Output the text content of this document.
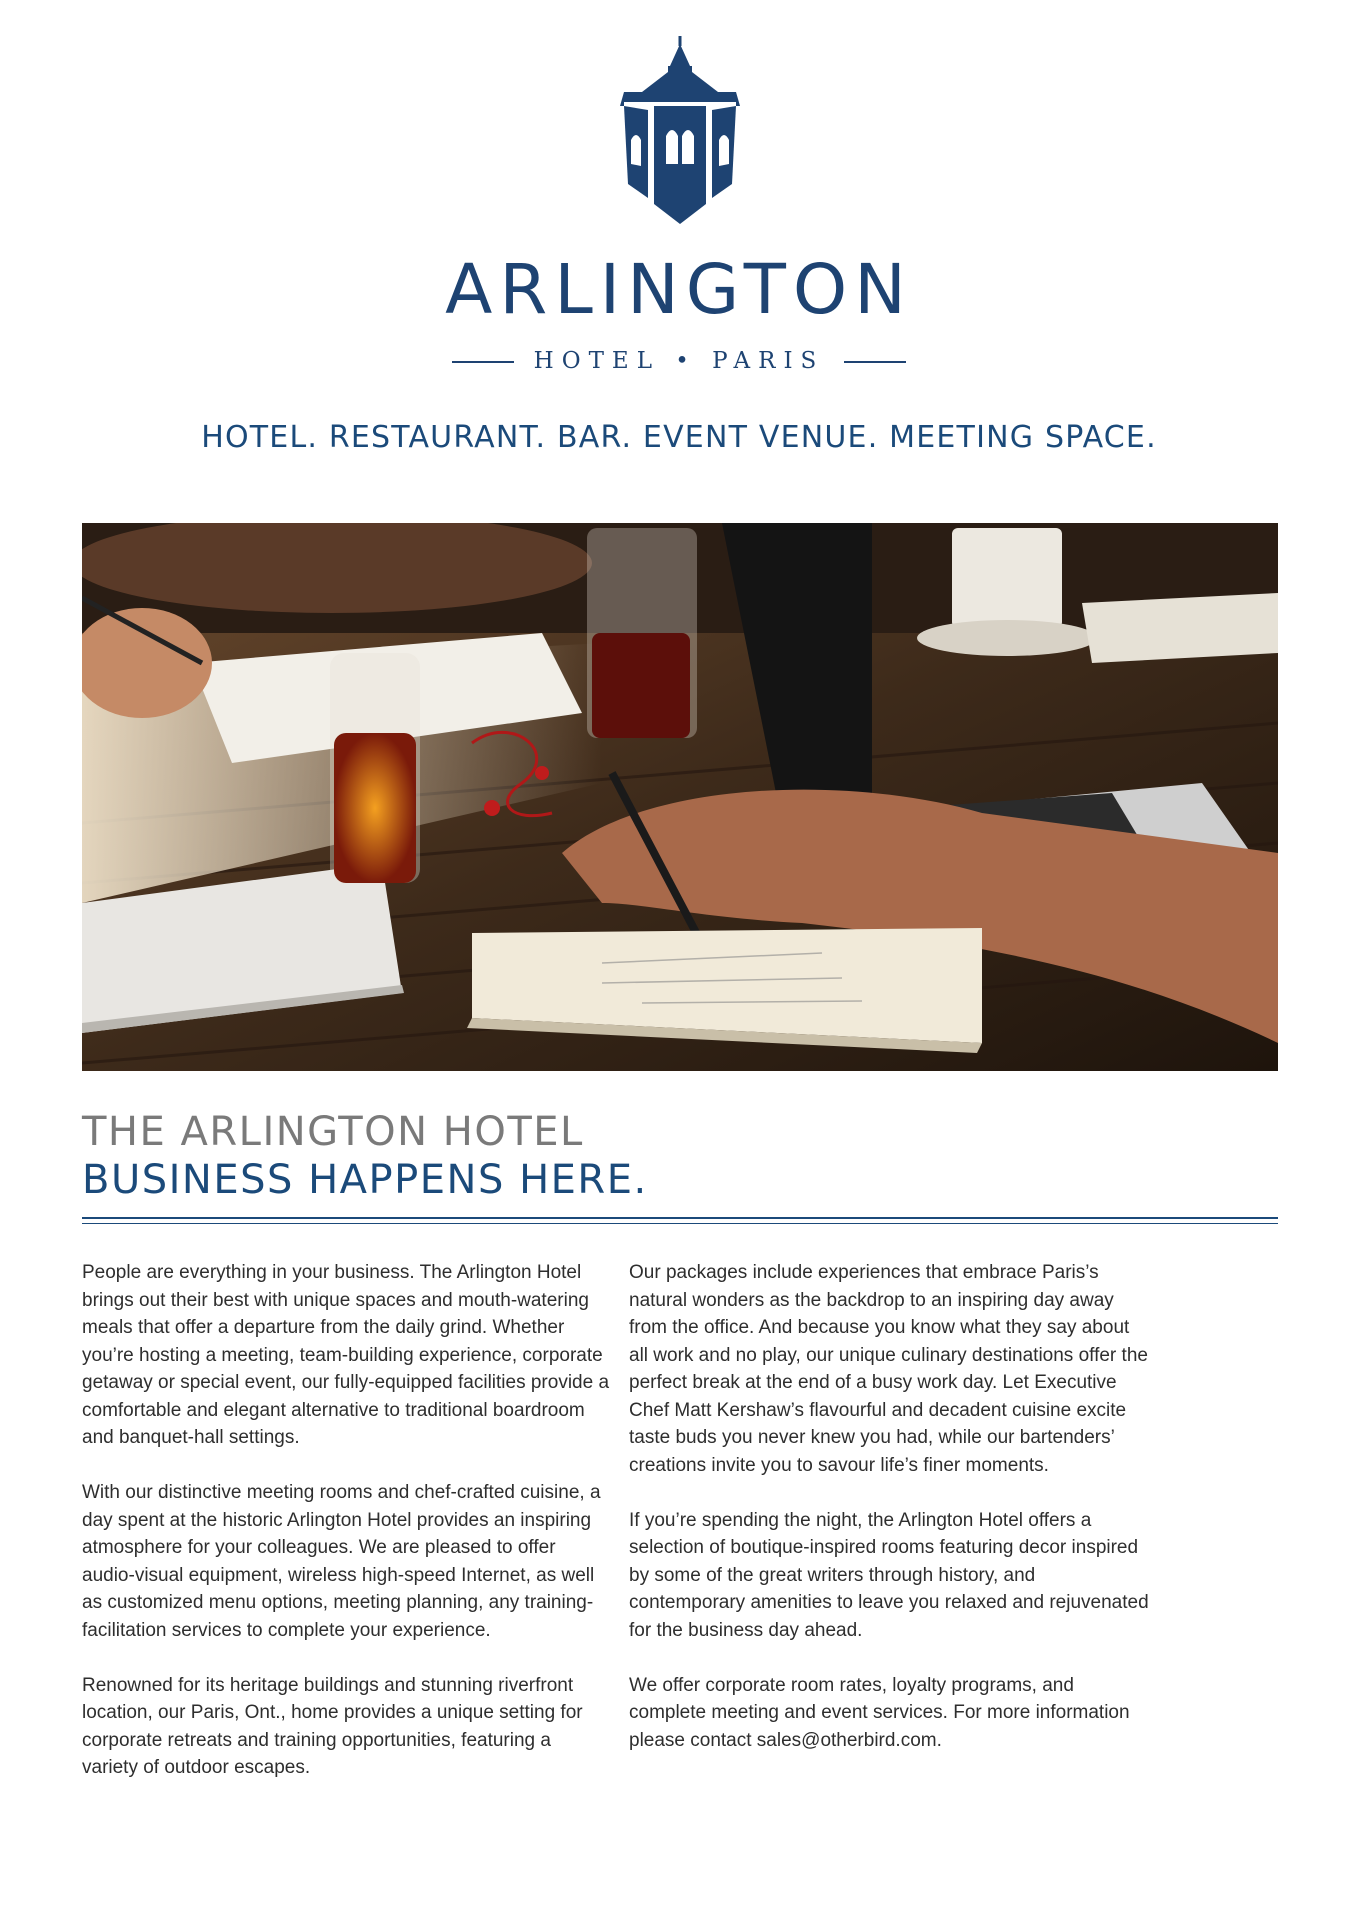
ARLINGTON
HOTEL • PARIS
HOTEL. RESTAURANT. BAR. EVENT VENUE. MEETING SPACE.
THE ARLINGTON HOTEL
BUSINESS HAPPENS HERE.

People are everything in your business. The Arlington Hotel brings out their best with unique spaces and mouth-watering meals that offer a departure from the daily grind. Whether you’re hosting a meeting, team-building experience, corporate getaway or special event, our fully-equipped facilities provide a comfortable and elegant alternative to traditional boardroom and banquet-hall settings.

With our distinctive meeting rooms and chef-crafted cuisine, a day spent at the historic Arlington Hotel provides an inspiring atmosphere for your colleagues. We are pleased to offer audio-visual equipment, wireless high-speed Internet, as well as customized menu options, meeting planning, any training-facilitation services to complete your experience.

Renowned for its heritage buildings and stunning riverfront location, our Paris, Ont., home provides a unique setting for corporate retreats and training opportunities, featuring a variety of outdoor escapes.

Our packages include experiences that embrace Paris’s natural wonders as the backdrop to an inspiring day away from the office. And because you know what they say about all work and no play, our unique culinary destinations offer the perfect break at the end of a busy work day. Let Executive Chef Matt Kershaw’s flavourful and decadent cuisine excite taste buds you never knew you had, while our bartenders’ creations invite you to savour life’s finer moments.

If you’re spending the night, the Arlington Hotel offers a selection of boutique-inspired rooms featuring decor inspired by some of the great writers through history, and contemporary amenities to leave you relaxed and rejuvenated for the business day ahead.

We offer corporate room rates, loyalty programs, and complete meeting and event services. For more information please contact sales@otherbird.com.
